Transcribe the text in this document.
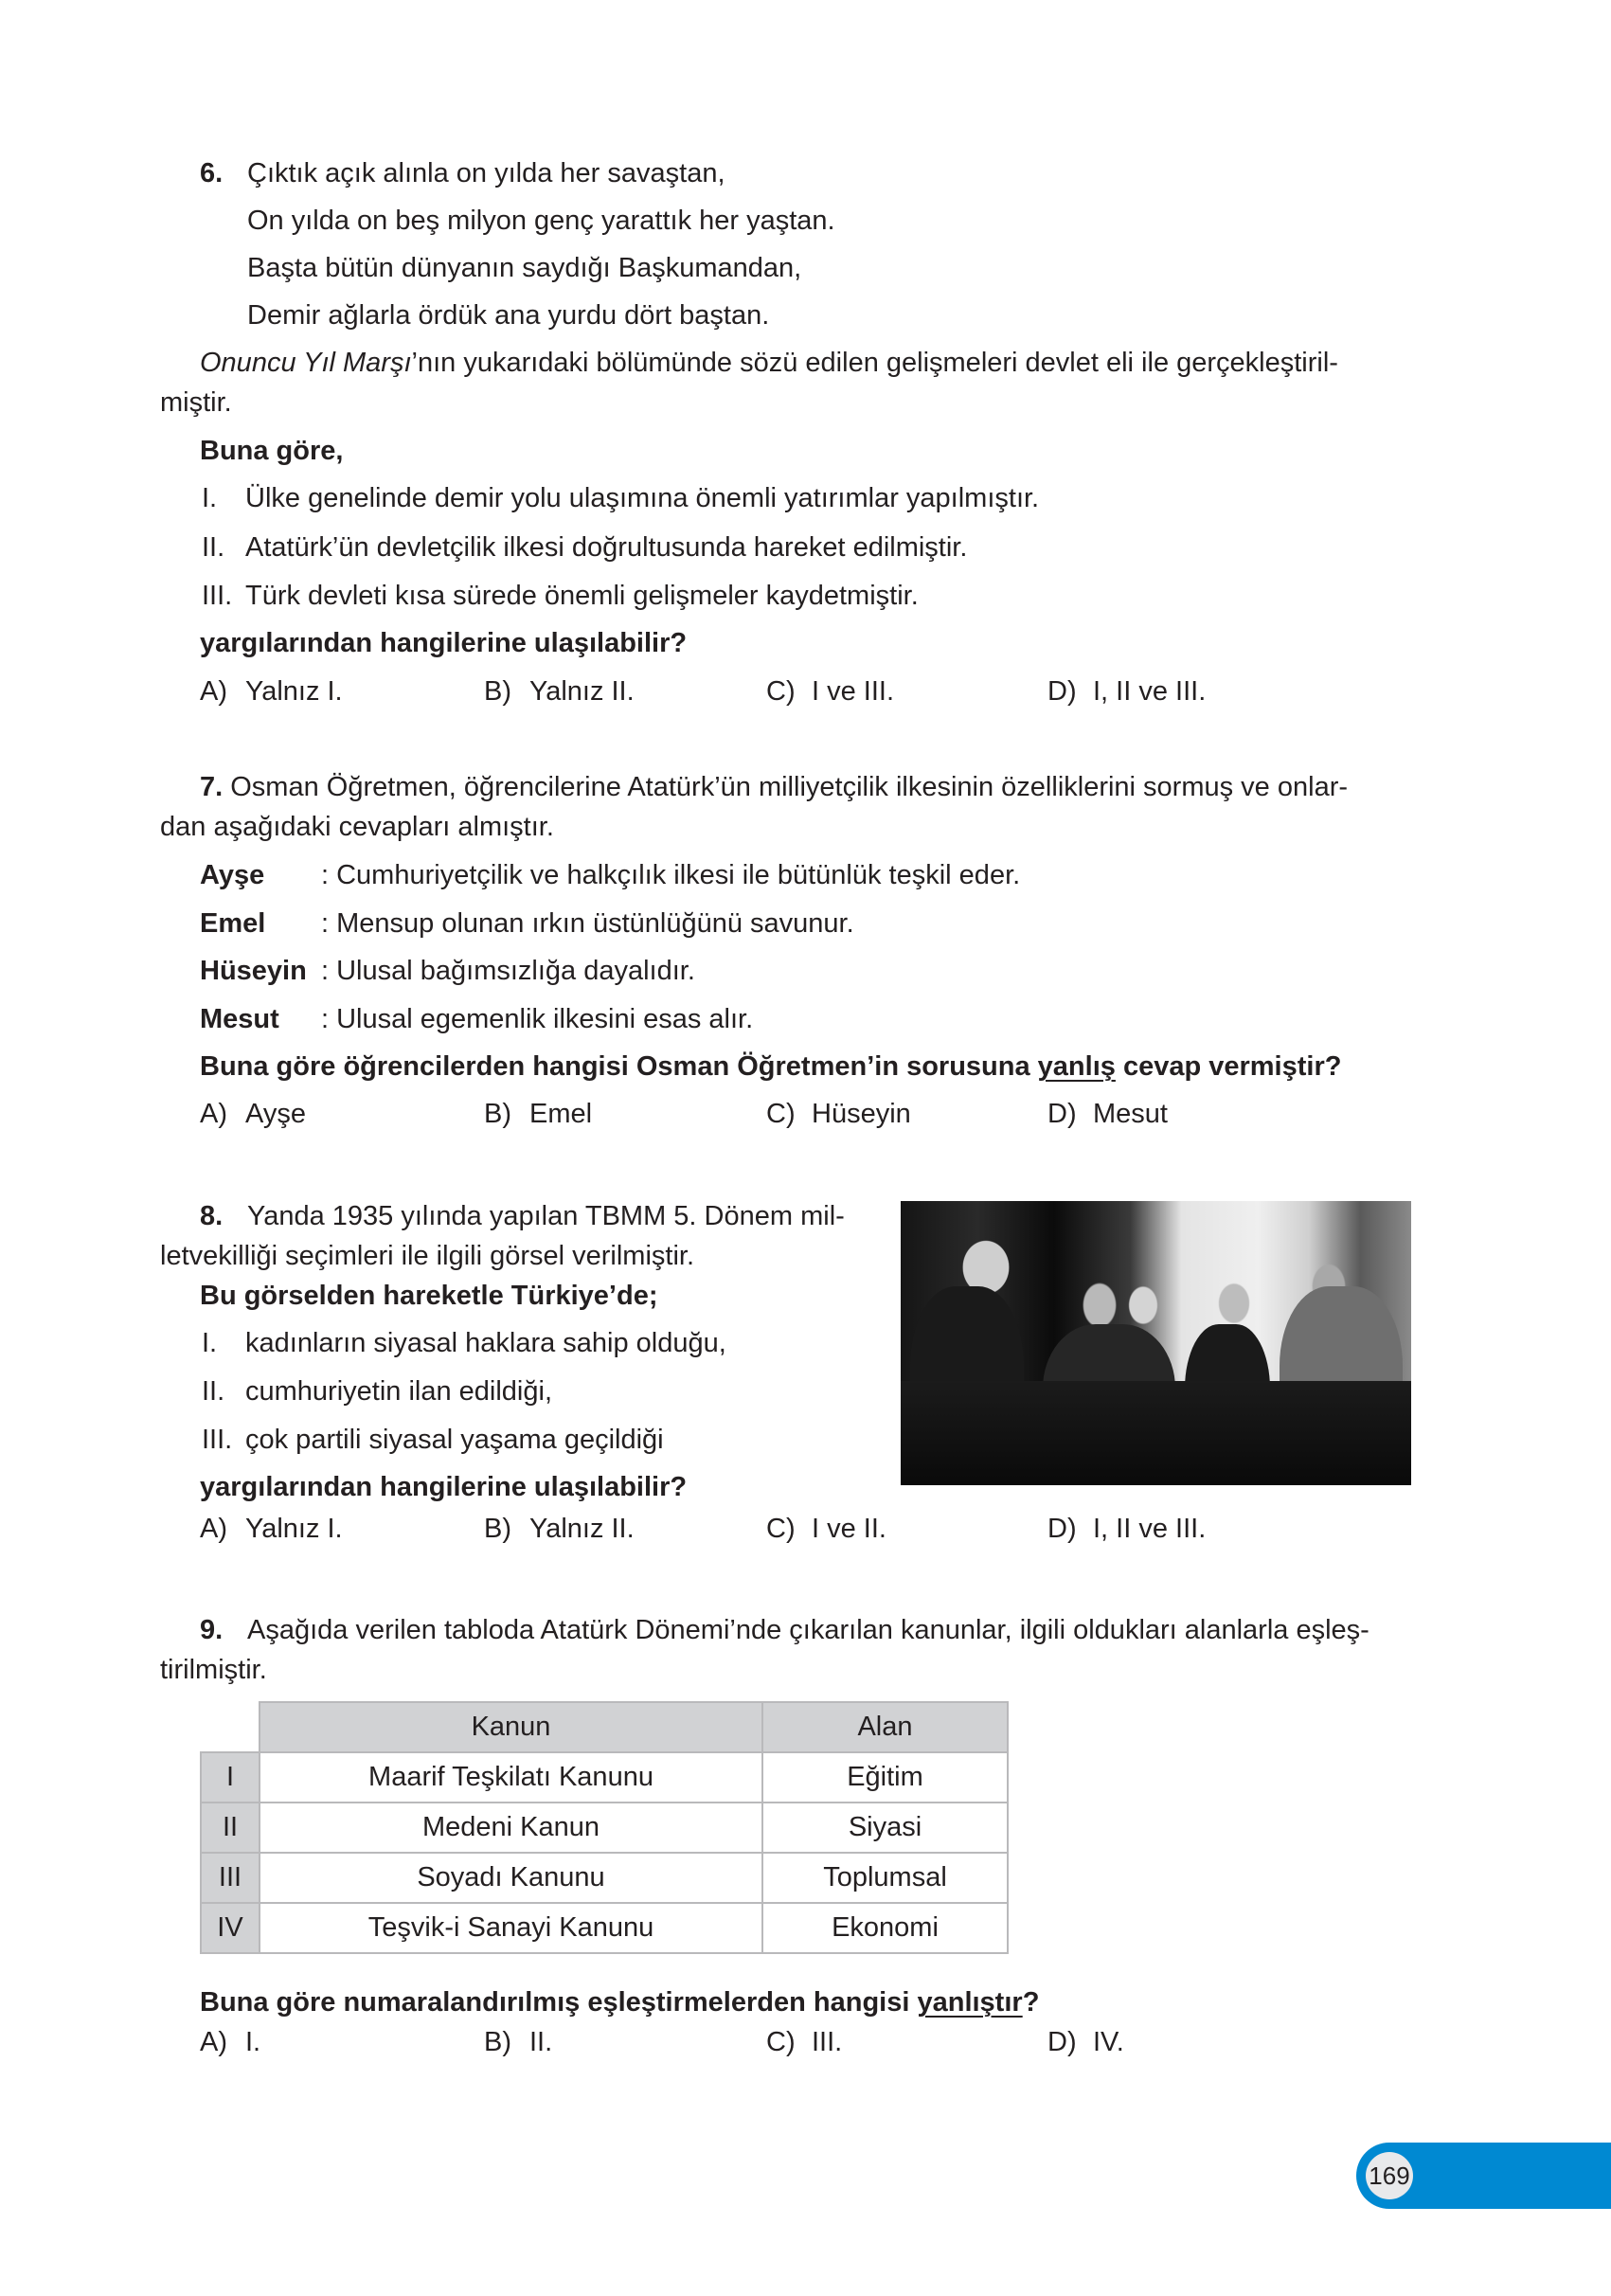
6. Çıktık açık alınla on yılda her savaştan,
On yılda on beş milyon genç yarattık her yaştan.
Başta bütün dünyanın saydığı Başkumandan,
Demir ağlarla ördük ana yurdu dört baştan.
Onuncu Yıl Marşı’nın yukarıdaki bölümünde sözü edilen gelişmeleri devlet eli ile gerçekleştiril-
miştir.
Buna göre,
I. Ülke genelinde demir yolu ulaşımına önemli yatırımlar yapılmıştır.
II. Atatürk’ün devletçilik ilkesi doğrultusunda hareket edilmiştir.
III. Türk devleti kısa sürede önemli gelişmeler kaydetmiştir.
yargılarından hangilerine ulaşılabilir?
A) Yalnız I.	B) Yalnız II.	C) I ve III.	D) I, II ve III.
7. Osman Öğretmen, öğrencilerine Atatürk’ün milliyetçilik ilkesinin özelliklerini sormuş ve onlar-
dan aşağıdaki cevapları almıştır.
Ayşe : Cumhuriyetçilik ve halkçılık ilkesi ile bütünlük teşkil eder.
Emel : Mensup olunan ırkın üstünlüğünü savunur.
Hüseyin : Ulusal bağımsızlığa dayalıdır.
Mesut : Ulusal egemenlik ilkesini esas alır.
Buna göre öğrencilerden hangisi Osman Öğretmen’in sorusuna yanlış cevap vermiştir?
A) Ayşe	B) Emel	C) Hüseyin	D) Mesut
8. Yanda 1935 yılında yapılan TBMM 5. Dönem mil-
letvekilliği seçimleri ile ilgili görsel verilmiştir.
Bu görselden hareketle Türkiye’de;
I. kadınların siyasal haklara sahip olduğu,
II. cumhuriyetin ilan edildiği,
III. çok partili siyasal yaşama geçildiği
yargılarından hangilerine ulaşılabilir?
A) Yalnız I.	B) Yalnız II.	C) I ve II.	D) I, II ve III.
9. Aşağıda verilen tabloda Atatürk Dönemi’nde çıkarılan kanunlar, ilgili oldukları alanlarla eşleş-
tirilmiştir.
	Kanun	Alan
I	Maarif Teşkilatı Kanunu	Eğitim
II	Medeni Kanun	Siyasi
III	Soyadı Kanunu	Toplumsal
IV	Teşvik-i Sanayi Kanunu	Ekonomi
Buna göre numaralandırılmış eşleştirmelerden hangisi yanlıştır?
A) I.	B) II.	C) III.	D) IV.
169
